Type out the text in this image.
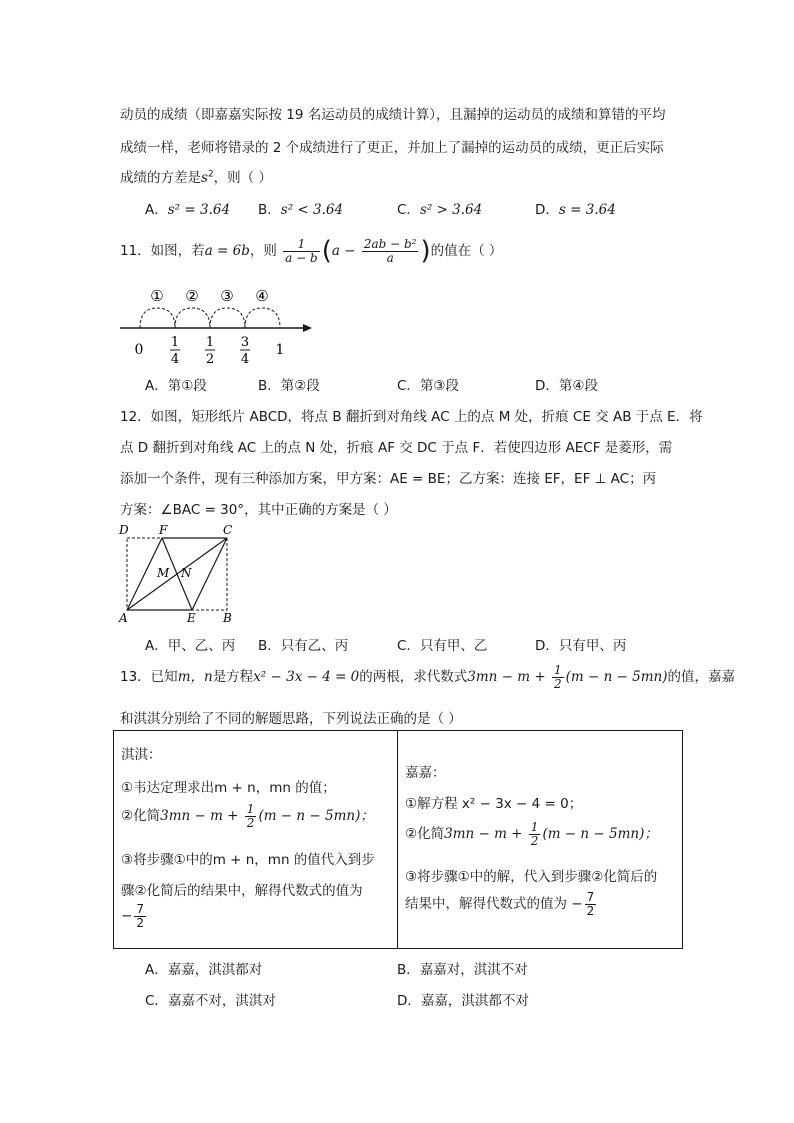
动员的成绩（即嘉嘉实际按 19 名运动员的成绩计算），且漏掉的运动员的成绩和算错的平均
成绩一样，老师将错录的 2 个成绩进行了更正，并加上了漏掉的运动员的成绩，更正后实际
成绩的方差是$s^2$，则（ ）
A．s² = 3.64 B．s² < 3.64	C．s² > 3.64	D．s = 3.64
11．如图，若a = 6b，则 $\frac{1}{a - b} (a - \frac{\text{2ab − b²}}{a}$ )的值在（ ）
① ② ③ ④
0 1
4
1
2
3
4
1
A．第①段	B．第②段	C．第③段	D．第④段
12．如图，矩形纸片 ABCD，将点 B 翻折到对角线 AC 上的点 M 处，折痕 CE 交 AB 于点 E．将
点 D 翻折到对角线 AC 上的点 N 处，折痕 AF 交 DC 于点 F．若使四边形 AECF 是菱形，需
添加一个条件，现有三种添加方案，甲方案：AE = BE；乙方案：连接 EF，EF ⊥ AC；丙
方案：∠BAC = 30°，其中正确的方案是（ ）
D	F	C
M N
A	E B
A．甲、乙、丙 B．只有乙、丙	C．只有甲、乙	D．只有甲、丙
13．已知m，n是方程x² − 3x − 4 = 0的两根，求代数式$3mn - m + \frac{1}{2} (m - n - 5mn)$的值，嘉嘉
和淇淇分别给了不同的解题思路，下列说法正确的是（ ）
淇淇：
①韦达定理求出m + n，mn 的值；
②化简$3mn - m + \frac{1}{2} (m - n - 5mn)$；
③将步骤①中的m + n，mn 的值代入到步
骤②化简后的结果中，解得代数式的值为
− $\frac{7}{2}$
嘉嘉：
①解方程 x² − 3x − 4 = 0；
②化简$3mn - m + \frac{1}{2} (m - n - 5mn)$；
③将步骤①中的解，代入到步骤②化简后的
结果中，解得代数式的值为 − $\frac{7}{2}$
A．嘉嘉，淇淇都对	B．嘉嘉对，淇淇不对
C．嘉嘉不对，淇淇对	D．嘉嘉，淇淇都不对
